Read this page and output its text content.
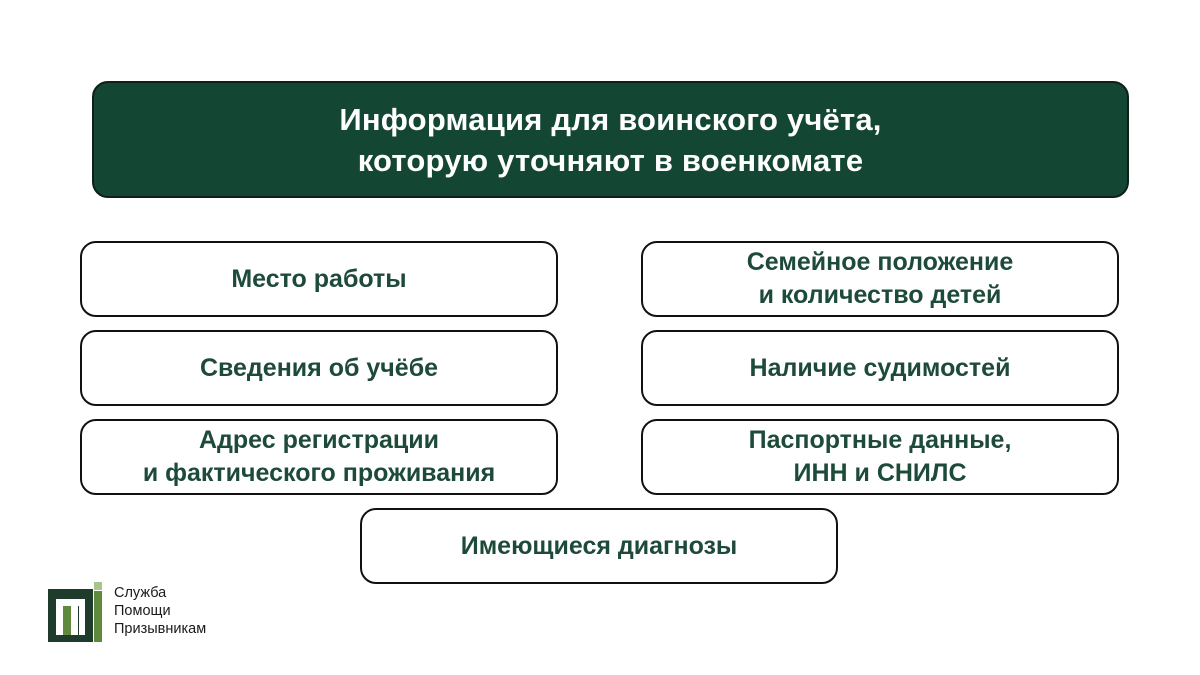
Информация для воинского учёта,
которую уточняют в военкомате
Место работы
Семейное положение
и количество детей
Сведения об учёбе	Наличие судимостей
Адрес регистрации
и фактического проживания
Паспортные данные,
ИНН и СНИЛС
Имеющиеся диагнозы
Служба
Помощи
Призывникам
